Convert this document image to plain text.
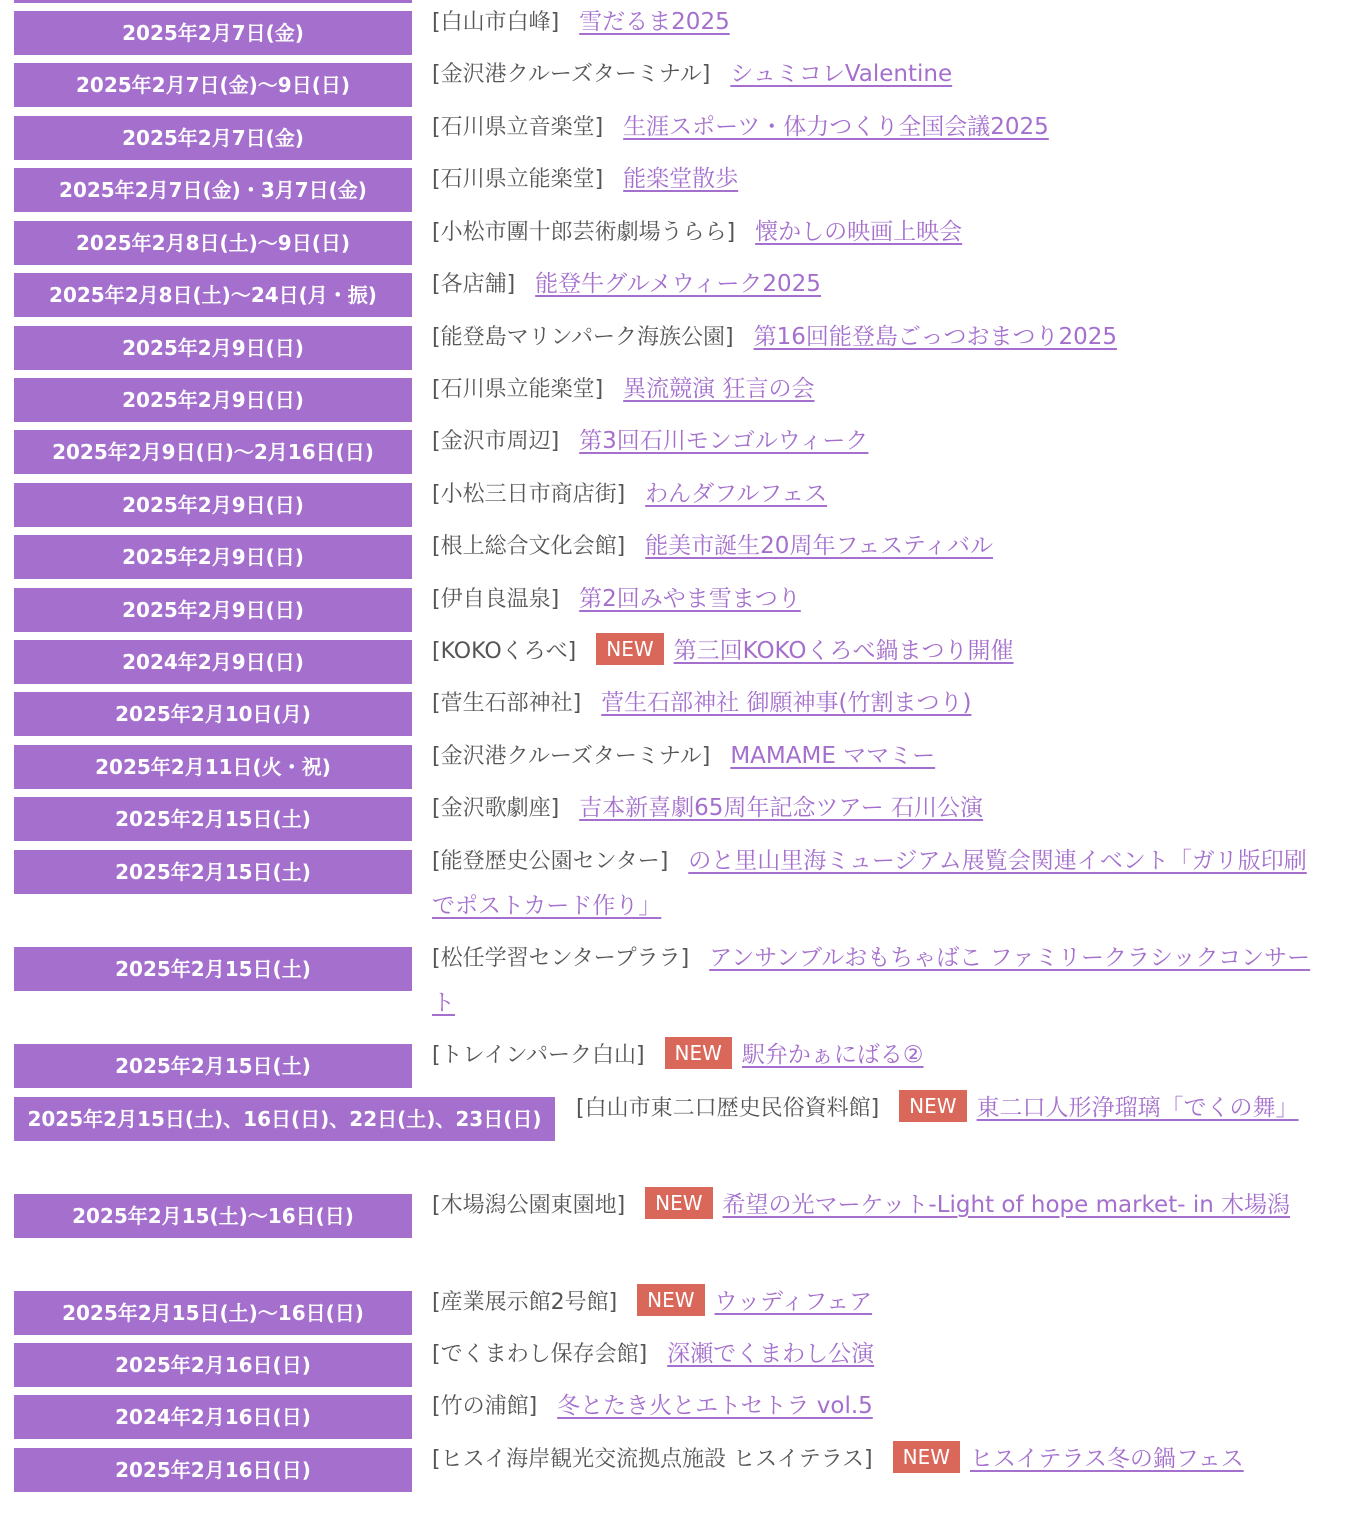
2025年2月7日(金)	[白山市白峰] 雪だるま2025
2025年2月7日(金)〜9日(日)	[金沢港クルーズターミナル] シュミコレValentine
2025年2月7日(金)	[石川県立音楽堂] 生涯スポーツ・体力つくり全国会議2025
2025年2月7日(金)・3月7日(金)	[石川県立能楽堂] 能楽堂散歩
2025年2月8日(土)〜9日(日)	[小松市團十郎芸術劇場うらら] 懐かしの映画上映会
2025年2月8日(土)〜24日(月・振)	[各店舗] 能登牛グルメウィーク2025
2025年2月9日(日)	[能登島マリンパーク海族公園] 第16回能登島ごっつおまつり2025
2025年2月9日(日)	[石川県立能楽堂] 異流競演 狂言の会
2025年2月9日(日)〜2月16日(日)	[金沢市周辺] 第3回石川モンゴルウィーク
2025年2月9日(日)	[小松三日市商店街] わんダフルフェス
2025年2月9日(日)	[根上総合文化会館] 能美市誕生20周年フェスティバル
2025年2月9日(日)	[伊自良温泉] 第2回みやま雪まつり
2024年2月9日(日)	[KOKOくろべ] NEW 第三回KOKOくろべ鍋まつり開催
2025年2月10日(月)	[菅生石部神社] 菅生石部神社 御願神事(竹割まつり)
2025年2月11日(火・祝)	[金沢港クルーズターミナル] MAMAME ママミー
2025年2月15日(土)	[金沢歌劇座] 吉本新喜劇65周年記念ツアー 石川公演
2025年2月15日(土)	[能登歴史公園センター] のと里山里海ミュージアム展覧会関連イベント「ガリ版印刷でポストカード作り」
2025年2月15日(土)	[松任学習センタープララ] アンサンブルおもちゃばこ ファミリークラシックコンサート
2025年2月15日(土)	[トレインパーク白山] NEW 駅弁かぁにばる②
2025年2月15日(土)、16日(日)、22日(土)、23日(日)	[白山市東二口歴史民俗資料館] NEW 東二口人形浄瑠璃「でくの舞」
2025年2月15(土)〜16日(日)	[木場潟公園東園地] NEW 希望の光マーケット-Light of hope market- in 木場潟
2025年2月15日(土)〜16日(日)	[産業展示館2号館] NEW ウッディフェア
2025年2月16日(日)	[でくまわし保存会館] 深瀬でくまわし公演
2024年2月16日(日)	[竹の浦館] 冬とたき火とエトセトラ vol.5
2025年2月16日(日)	[ヒスイ海岸観光交流拠点施設 ヒスイテラス] NEW ヒスイテラス冬の鍋フェス
